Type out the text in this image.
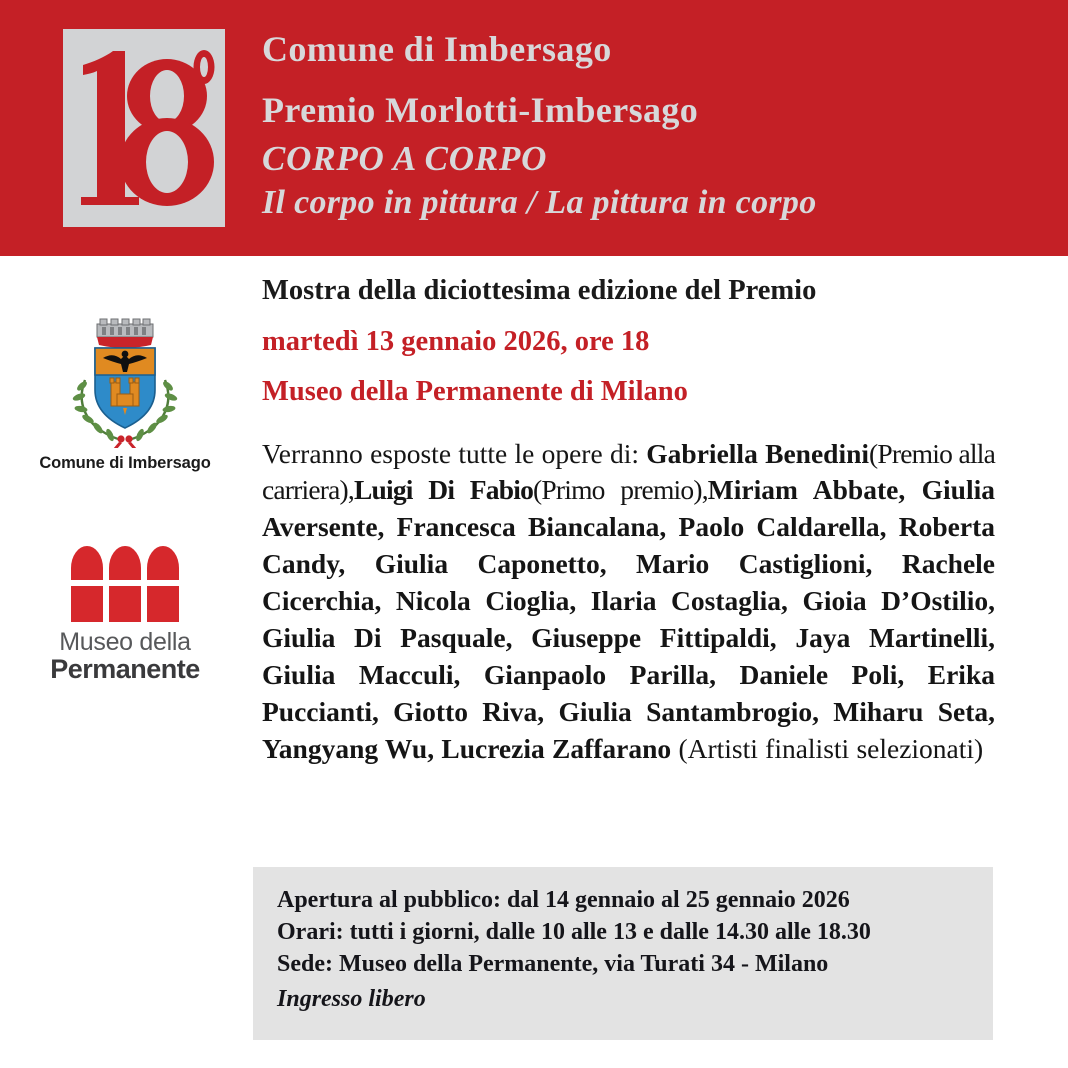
Comune di Imbersago
Premio Morlotti-Imbersago
CORPO A CORPO
Il corpo in pittura / La pittura in corpo
Comune di Imbersago
Museo della
Permanente
Mostra della diciottesima edizione del Premio
martedì 13 gennaio 2026, ore 18
Museo della Permanente di Milano
Verranno esposte tutte le opere di: Gabriella Benedini(Premio alla carriera),Luigi Di Fabio(Primo premio),Miriam Abbate, Giulia Aversente, Francesca Biancalana, Paolo Caldarella, Roberta Candy, Giulia Caponetto, Mario Castiglioni, Rachele Cicerchia, Nicola Cioglia, Ilaria Costaglia, Gioia D’Ostilio, Giulia Di Pasquale, Giuseppe Fittipaldi, Jaya Martinelli, Giulia Macculi, Gianpaolo Parilla, Daniele Poli, Erika Puccianti, Giotto Riva, Giulia Santambrogio, Miharu Seta, Yangyang Wu, Lucrezia Zaffarano (Artisti finalisti selezionati)
Apertura al pubblico: dal 14 gennaio al 25 gennaio 2026
Orari: tutti i giorni, dalle 10 alle 13 e dalle 14.30 alle 18.30
Sede: Museo della Permanente, via Turati 34 - Milano
Ingresso libero
